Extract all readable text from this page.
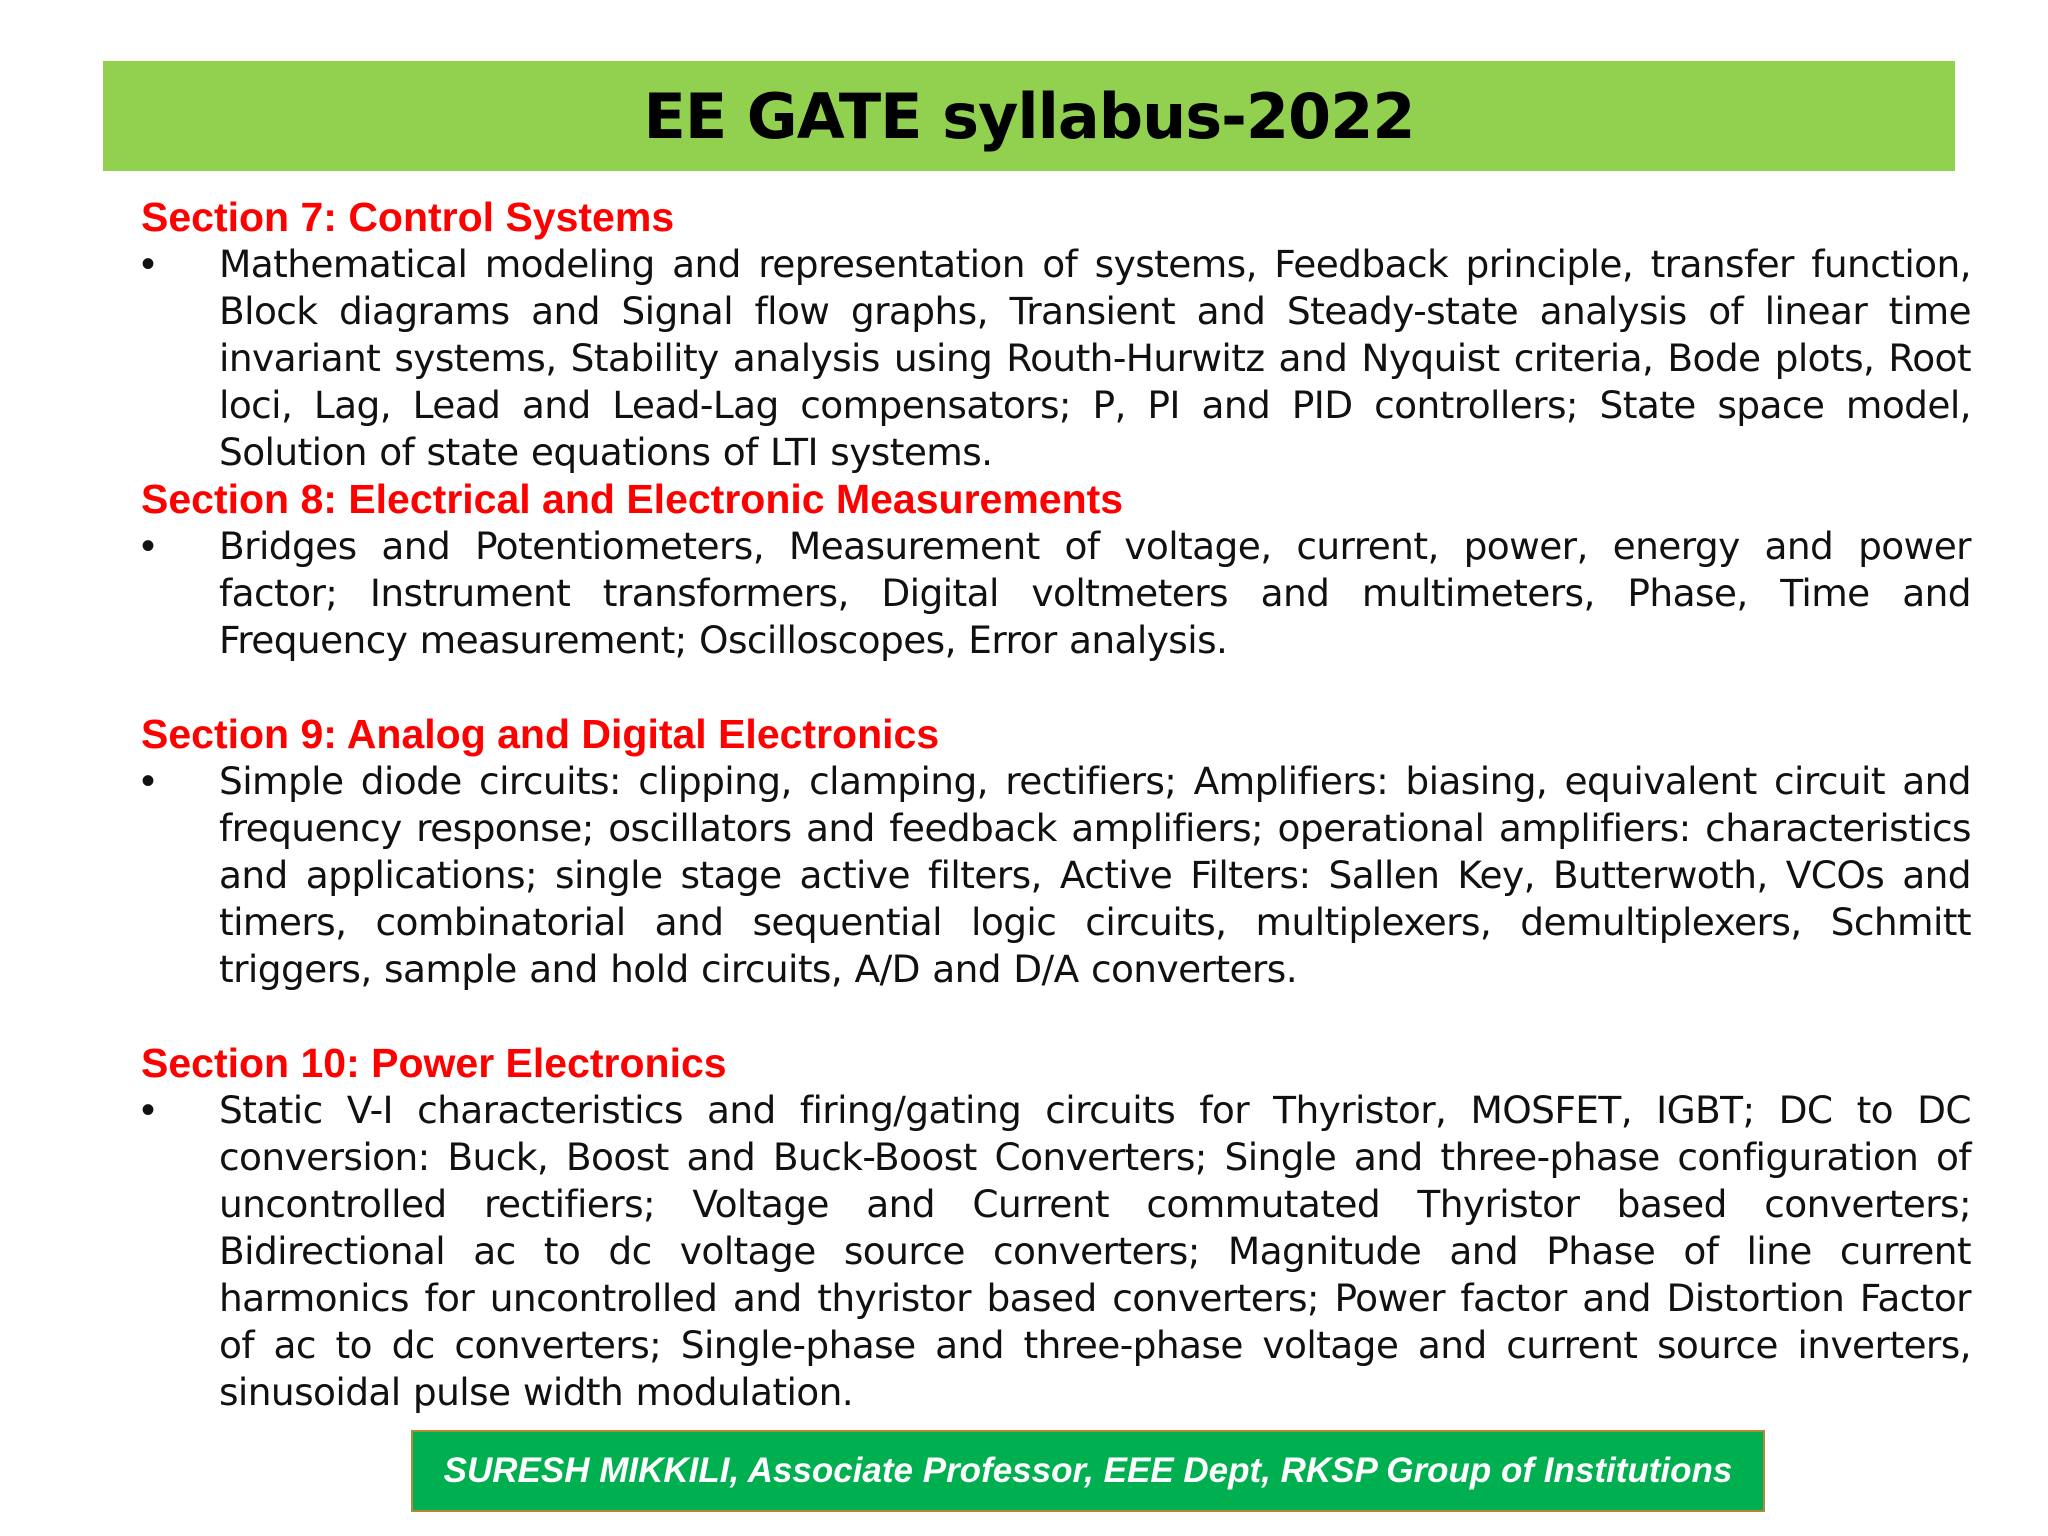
EE GATE syllabus-2022
Section 7: Control Systems
•	Mathematical modeling and representation of systems, Feedback principle, transfer function, Block diagrams and Signal flow graphs, Transient and Steady-state analysis of linear time invariant systems, Stability analysis using Routh-Hurwitz and Nyquist criteria, Bode plots, Root loci, Lag, Lead and Lead-Lag compensators; P, PI and PID controllers; State space model, Solution of state equations of LTI systems.
Section 8: Electrical and Electronic Measurements
•	Bridges and Potentiometers, Measurement of voltage, current, power, energy and power factor; Instrument transformers, Digital voltmeters and multimeters, Phase, Time and Frequency measurement; Oscilloscopes, Error analysis.
Section 9: Analog and Digital Electronics
•	Simple diode circuits: clipping, clamping, rectifiers; Amplifiers: biasing, equivalent circuit and frequency response; oscillators and feedback amplifiers; operational amplifiers: characteristics and applications; single stage active filters, Active Filters: Sallen Key, Butterwoth, VCOs and timers, combinatorial and sequential logic circuits, multiplexers, demultiplexers, Schmitt triggers, sample and hold circuits, A/D and D/A converters.
Section 10: Power Electronics
•	Static V-I characteristics and firing/gating circuits for Thyristor, MOSFET, IGBT; DC to DC conversion: Buck, Boost and Buck-Boost Converters; Single and three-phase configuration of uncontrolled rectifiers; Voltage and Current commutated Thyristor based converters; Bidirectional ac to dc voltage source converters; Magnitude and Phase of line current harmonics for uncontrolled and thyristor based converters; Power factor and Distortion Factor of ac to dc converters; Single-phase and three-phase voltage and current source inverters, sinusoidal pulse width modulation.
SURESH MIKKILI, Associate Professor, EEE Dept, RKSP Group of Institutions
